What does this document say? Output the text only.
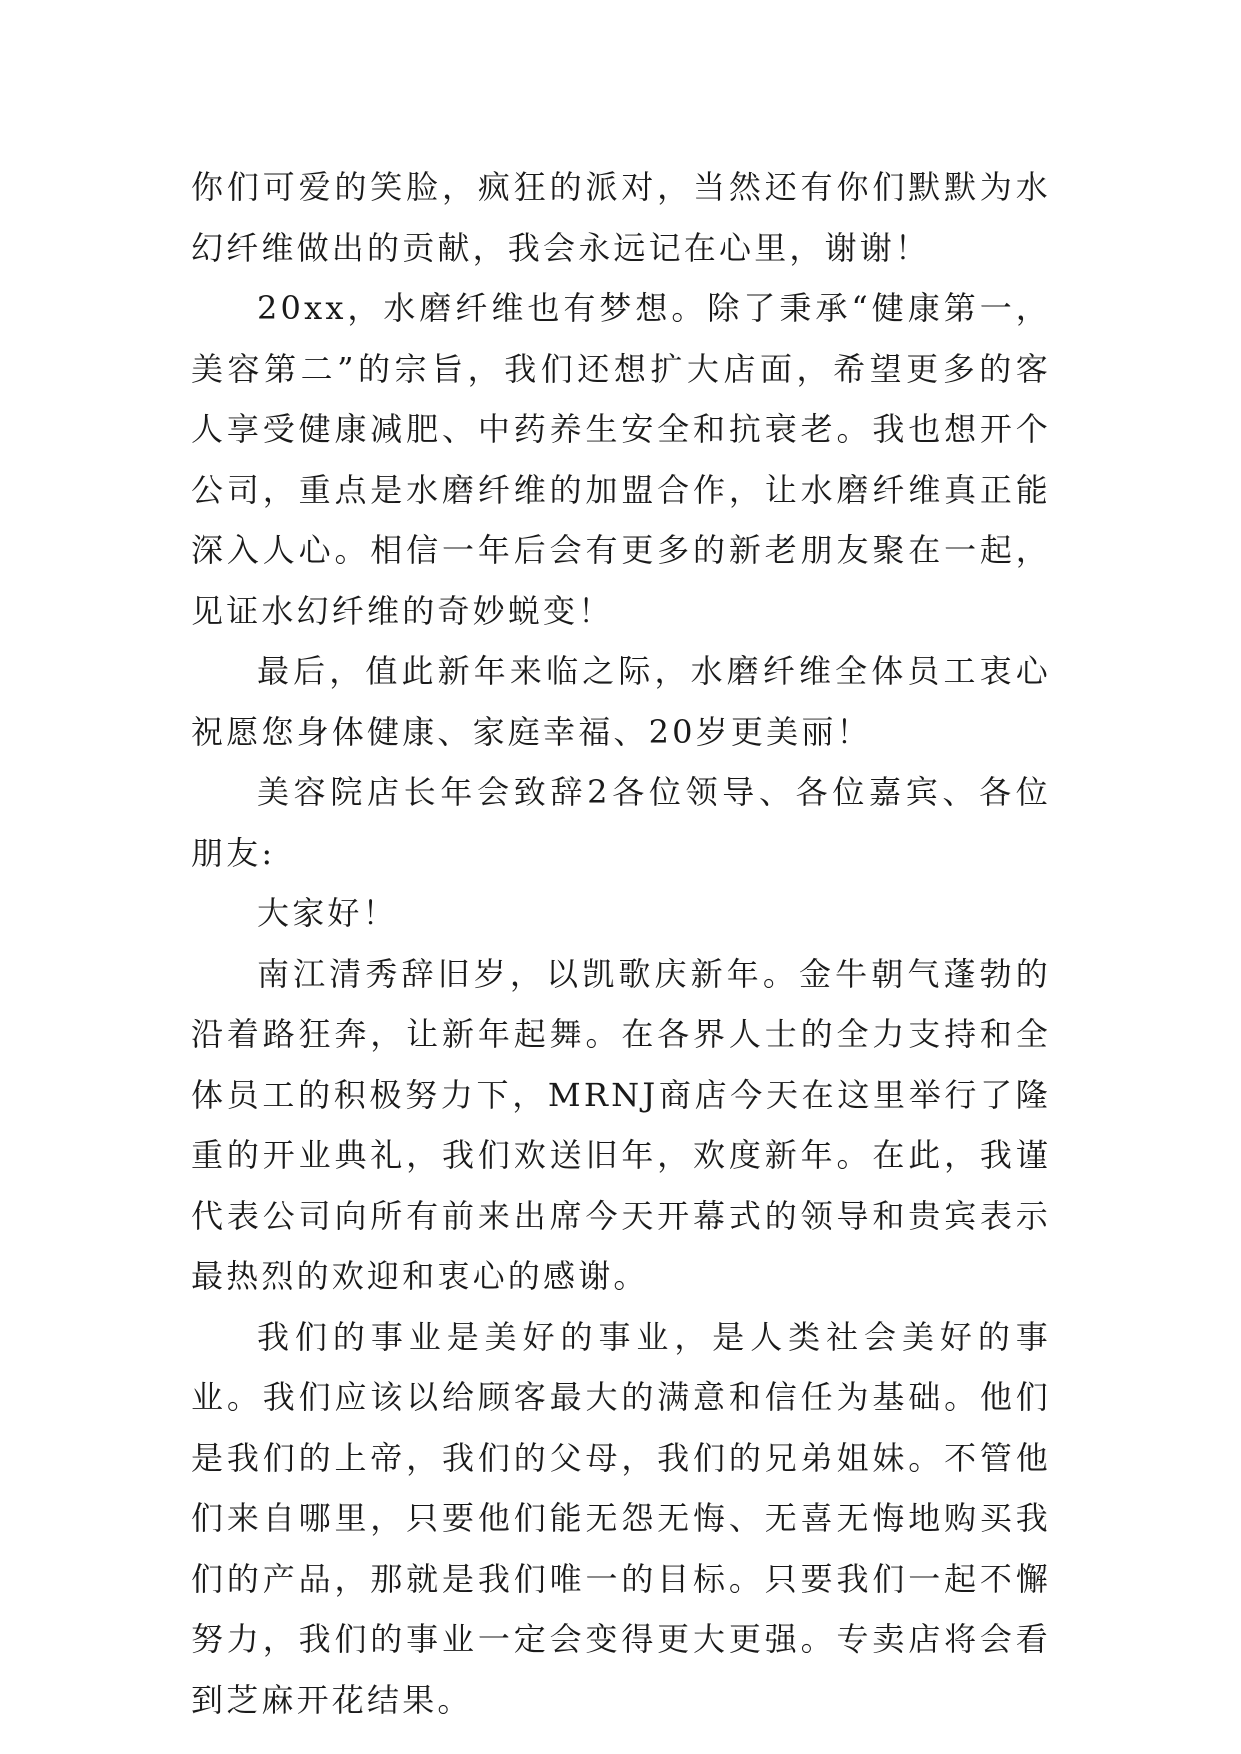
你们可爱的笑脸，疯狂的派对，当然还有你们默默为水幻纤维做出的贡献，我会永远记在心里，谢谢！

20xx，水磨纤维也有梦想。除了秉承“健康第一，美容第二”的宗旨，我们还想扩大店面，希望更多的客人享受健康减肥、中药养生安全和抗衰老。我也想开个公司，重点是水磨纤维的加盟合作，让水磨纤维真正能深入人心。相信一年后会有更多的新老朋友聚在一起，见证水幻纤维的奇妙蜕变！

最后，值此新年来临之际，水磨纤维全体员工衷心祝愿您身体健康、家庭幸福、20岁更美丽！

美容院店长年会致辞2各位领导、各位嘉宾、各位朋友:

大家好！

南江清秀辞旧岁，以凯歌庆新年。金牛朝气蓬勃的沿着路狂奔，让新年起舞。在各界人士的全力支持和全体员工的积极努力下，MRNJ商店今天在这里举行了隆重的开业典礼，我们欢送旧年，欢度新年。在此，我谨代表公司向所有前来出席今天开幕式的领导和贵宾表示最热烈的欢迎和衷心的感谢。

我们的事业是美好的事业，是人类社会美好的事业。我们应该以给顾客最大的满意和信任为基础。他们是我们的上帝，我们的父母，我们的兄弟姐妹。不管他们来自哪里，只要他们能无怨无悔、无喜无悔地购买我们的产品，那就是我们唯一的目标。只要我们一起不懈努力，我们的事业一定会变得更大更强。专卖店将会看到芝麻开花结果。
